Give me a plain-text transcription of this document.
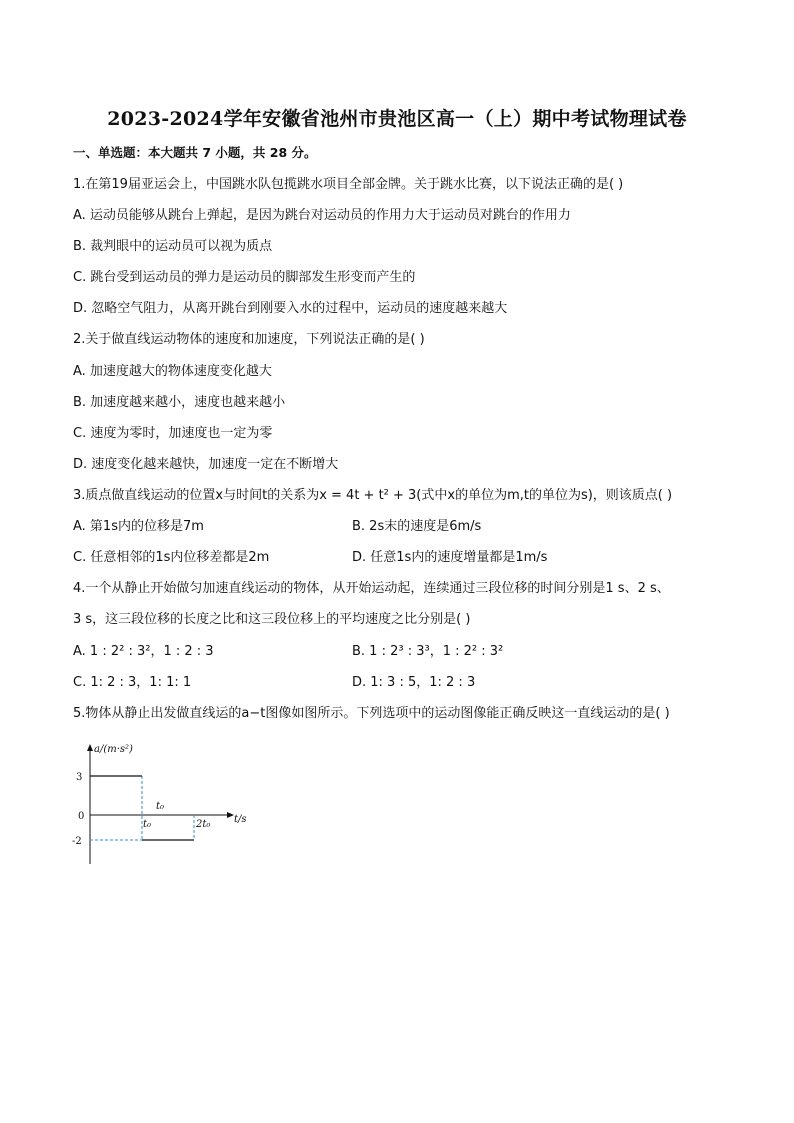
2023-2024学年安徽省池州市贵池区高一（上）期中考试物理试卷
一、单选题：本大题共 7 小题，共 28 分。
1.在第19届亚运会上，中国跳水队包揽跳水项目全部金牌。关于跳水比赛，以下说法正确的是( )
A. 运动员能够从跳台上弹起，是因为跳台对运动员的作用力大于运动员对跳台的作用力
B. 裁判眼中的运动员可以视为质点
C. 跳台受到运动员的弹力是运动员的脚部发生形变而产生的
D. 忽略空气阻力，从离开跳台到刚要入水的过程中，运动员的速度越来越大
2.关于做直线运动物体的速度和加速度，下列说法正确的是( )
A. 加速度越大的物体速度变化越大
B. 加速度越来越小，速度也越来越小
C. 速度为零时，加速度也一定为零
D. 速度变化越来越快，加速度一定在不断增大
3.质点做直线运动的位置x与时间t的关系为x = 4t + t² + 3(式中x的单位为m,t的单位为s)，则该质点( )
A. 第1s内的位移是7m	B. 2s末的速度是6m/s
C. 任意相邻的1s内位移差都是2m	D. 任意1s内的速度增量都是1m/s
4.一个从静止开始做匀加速直线运动的物体，从开始运动起，连续通过三段位移的时间分别是1 s、2 s、
3 s，这三段位移的长度之比和这三段位移上的平均速度之比分别是( )
A. 1 : 2² : 3²，1 : 2 : 3	B. 1 : 2³ : 3³，1 : 2² : 3²
C. 1: 2 : 3，1: 1: 1	D. 1: 3 : 5，1: 2 : 3
5.物体从静止出发做直线运的a−t图像如图所示。下列选项中的运动图像能正确反映这一直线运动的是( )
a/(m·s²)
t/s
3
0
-2
t₀
t₀	2t₀
